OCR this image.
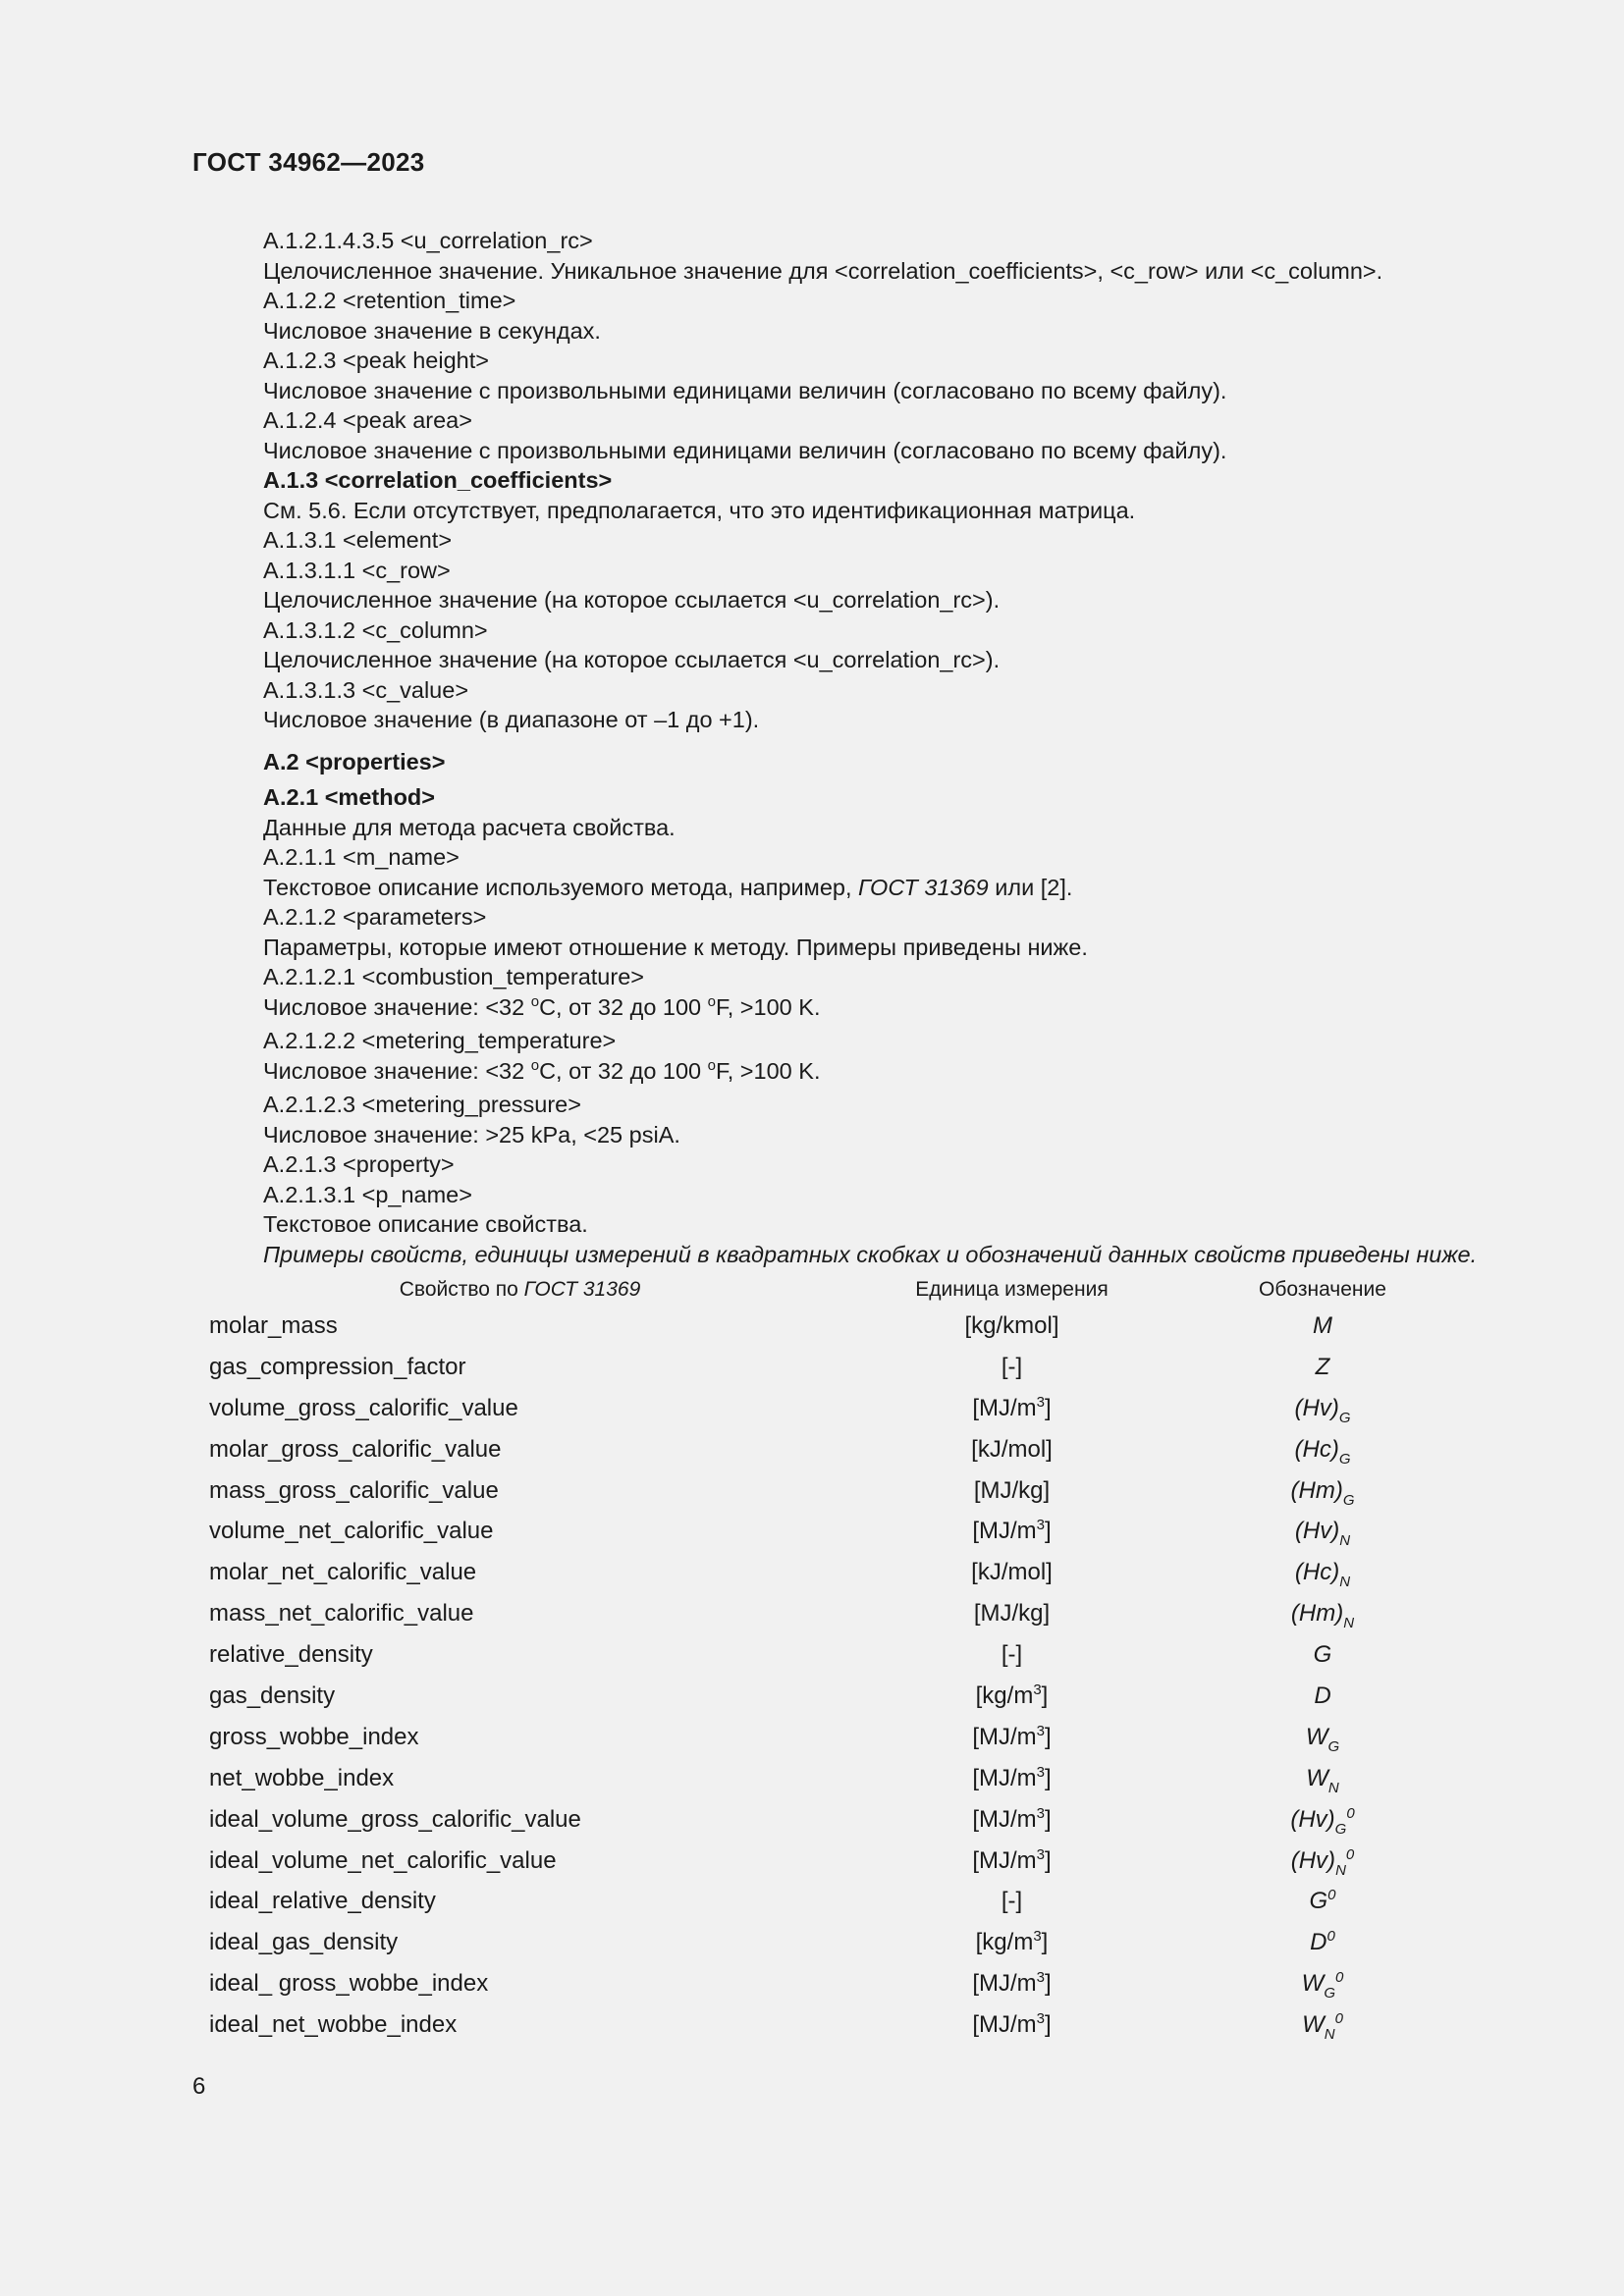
ГОСТ 34962—2023
A.1.2.1.4.3.5 <u_correlation_rc>
Целочисленное значение. Уникальное значение для <correlation_coefficients>, <c_row> или <c_column>.
A.1.2.2 <retention_time>
Числовое значение в секундах.
A.1.2.3 <peak height>
Числовое значение с произвольными единицами величин (согласовано по всему файлу).
A.1.2.4 <peak area>
Числовое значение с произвольными единицами величин (согласовано по всему файлу).
A.1.3 <correlation_coefficients>
См. 5.6. Если отсутствует, предполагается, что это идентификационная матрица.
A.1.3.1 <element>
A.1.3.1.1 <c_row>
Целочисленное значение (на которое ссылается <u_correlation_rc>).
A.1.3.1.2 <c_column>
Целочисленное значение (на которое ссылается <u_correlation_rc>).
A.1.3.1.3 <c_value>
Числовое значение (в диапазоне от –1 до +1).
A.2 <properties>
A.2.1 <method>
Данные для метода расчета свойства.
A.2.1.1 <m_name>
Текстовое описание используемого метода, например, ГОСТ 31369 или [2].
A.2.1.2 <parameters>
Параметры, которые имеют отношение к методу. Примеры приведены ниже.
A.2.1.2.1 <combustion_temperature>
Числовое значение: <32 $^o$C, от 32 до 100 $^o$F, >100 K.
A.2.1.2.2 <metering_temperature>
Числовое значение: <32 $^o$C, от 32 до 100 $^o$F, >100 K.
A.2.1.2.3 <metering_pressure>
Числовое значение: >25 kPa, <25 psiA.
A.2.1.3 <property>
A.2.1.3.1 <p_name>
Текстовое описание свойства.
Примеры свойств, единицы измерений в квадратных скобках и обозначений данных свойств приведены ниже.
Свойство по ГОСТ 31369	Единица измерения	Обозначение
molar_mass	[kg/kmol]	M
gas_compression_factor	[-]	Z
volume_gross_calorific_value	$[MJ/m^3]$	$(Hv)_G$
molar_gross_calorific_value	[kJ/mol]	$(Hc)_G$
mass_gross_calorific_value	[MJ/kg]	$(Hm)_G$
volume_net_calorific_value	$[MJ/m^3]$	$(Hv)_N$
molar_net_calorific_value	[kJ/mol]	$(Hc)_N$
mass_net_calorific_value	[MJ/kg]	$(Hm)_N$
relative_density	[-]	G
gas_density	$[kg/m^3]$	D
gross_wobbe_index	$[MJ/m^3]$	$W_G$
net_wobbe_index	$[MJ/m^3]$	$W_N$
ideal_volume_gross_calorific_value	$[MJ/m^3]$	$(Hv)_G^0$
ideal_volume_net_calorific_value	$[MJ/m^3]$	$(Hv)_N^0$
ideal_relative_density	[-]	$G^0$
ideal_gas_density	$[kg/m^3]$	$D^0$
ideal_ gross_wobbe_index	$[MJ/m^3]$	$W_G^0$
ideal_net_wobbe_index	$[MJ/m^3]$	$W_N^0$
6
